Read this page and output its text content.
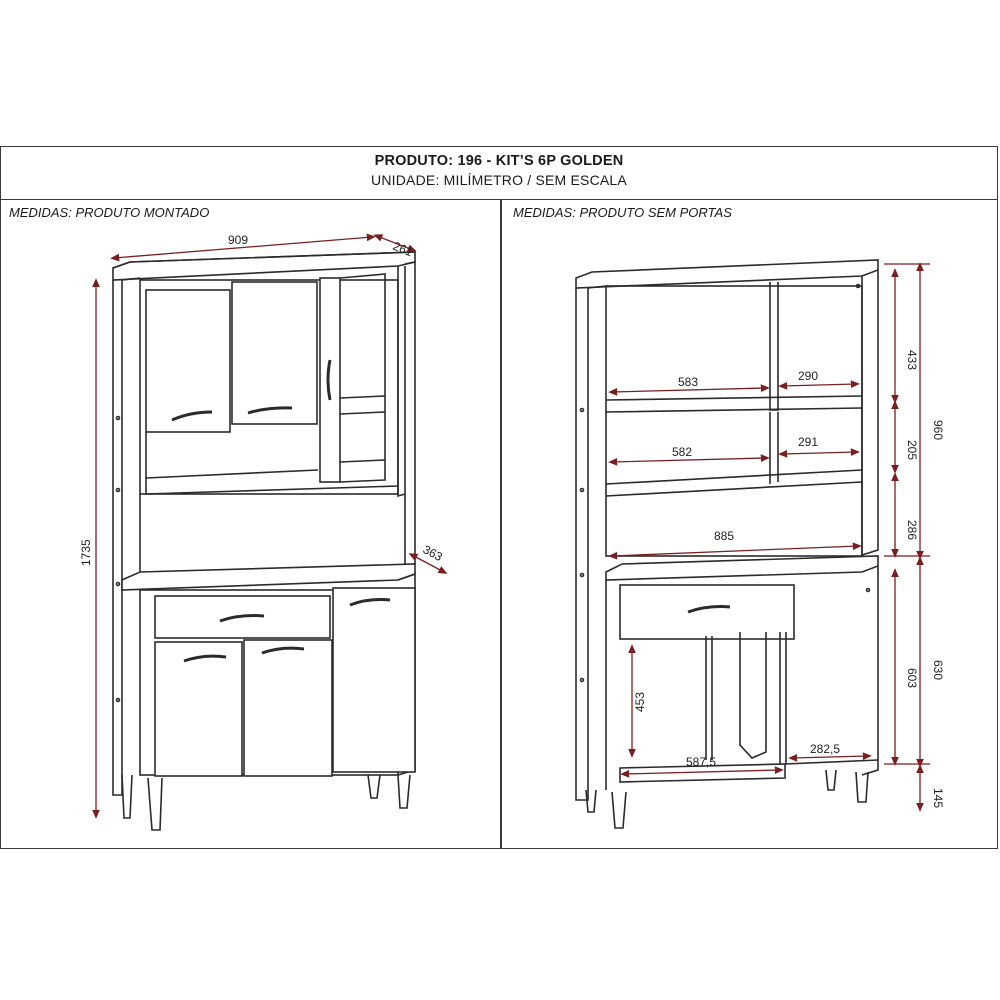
PRODUTO: 196 - KIT’S 6P GOLDEN
UNIDADE: MILÍMETRO / SEM ESCALA
MEDIDAS: PRODUTO MONTADO	MEDIDAS: PRODUTO SEM PORTAS
909	261
1735	363
583	290
582
291
885
453
587,5
282,5
433
205
286
603
960
630
145
